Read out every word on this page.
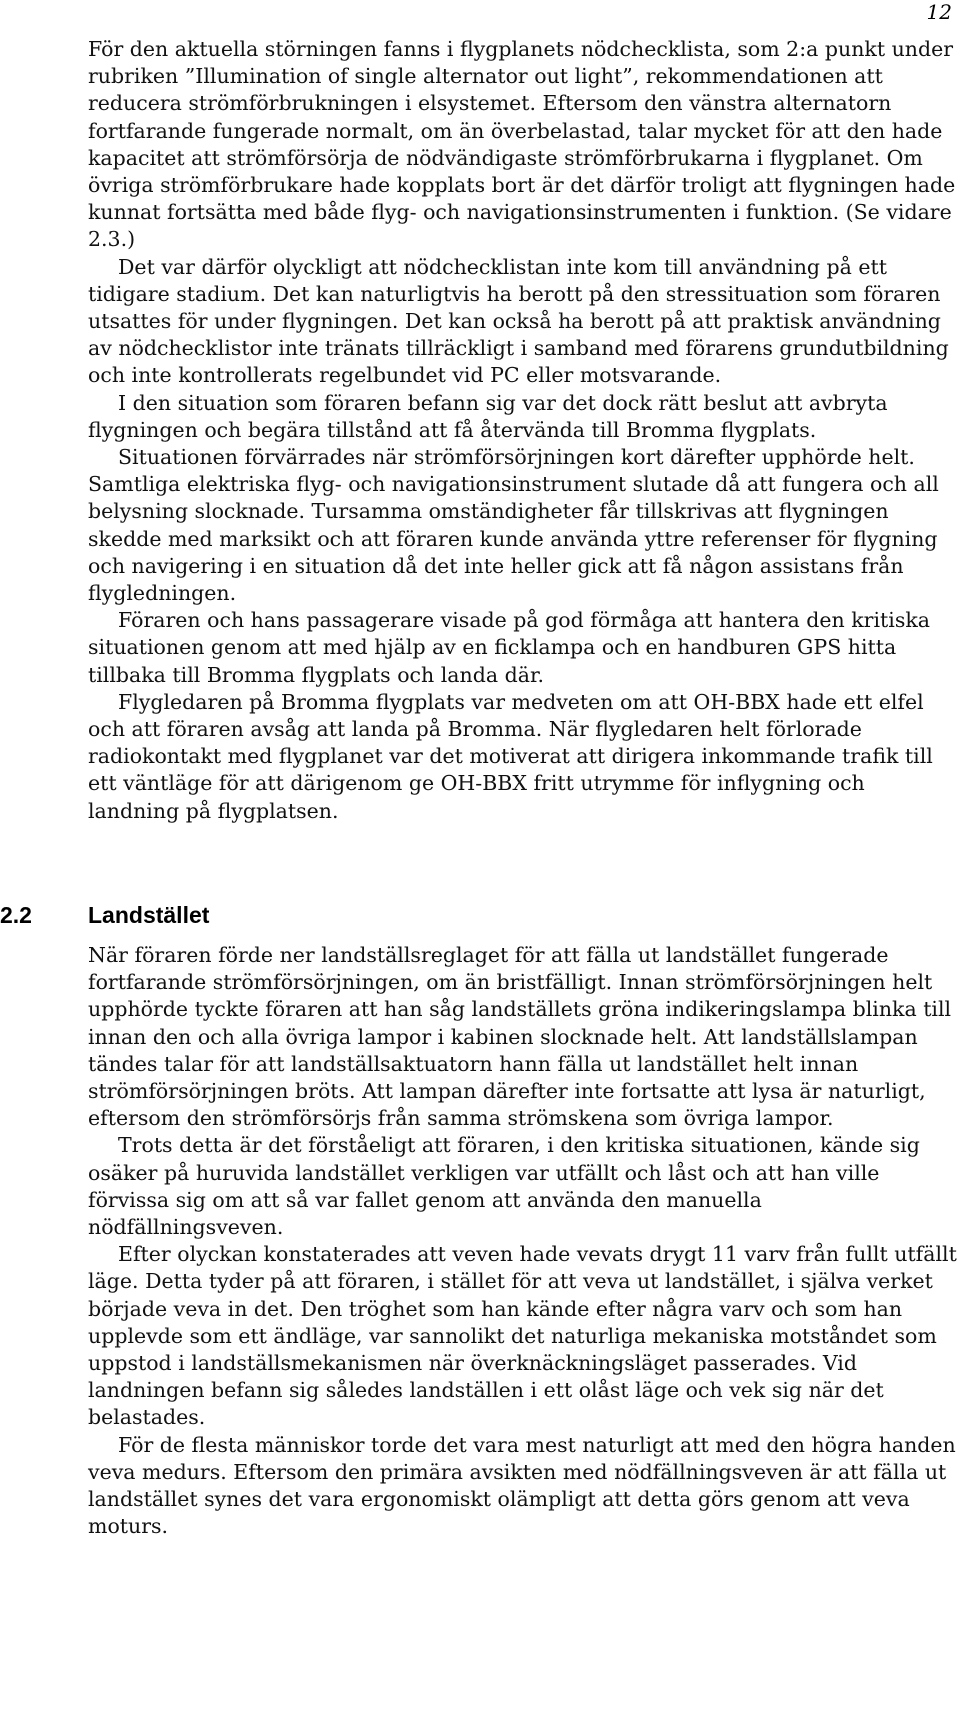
12

För den aktuella störningen fanns i flygplanets nödchecklista, som 2:a punkt under rubriken ”Illumination of single alternator out light”, rekommendationen att reducera strömförbrukningen i elsystemet. Eftersom den vänstra alternatorn fortfarande fungerade normalt, om än överbelastad, talar mycket för att den hade kapacitet att strömförsörja de nödvändigaste strömförbrukarna i flygplanet. Om övriga strömförbrukare hade kopplats bort är det därför troligt att flygningen hade kunnat fortsätta med både flyg- och navigationsinstrumenten i funktion. (Se vidare 2.3.)

Det var därför olyckligt att nödchecklistan inte kom till användning på ett tidigare stadium. Det kan naturligtvis ha berott på den stressituation som föraren utsattes för under flygningen. Det kan också ha berott på att praktisk användning av nödchecklistor inte tränats tillräckligt i samband med förarens grundutbildning och inte kontrollerats regelbundet vid PC eller motsvarande.

I den situation som föraren befann sig var det dock rätt beslut att avbryta flygningen och begära tillstånd att få återvända till Bromma flygplats.

Situationen förvärrades när strömförsörjningen kort därefter upphörde helt. Samtliga elektriska flyg- och navigationsinstrument slutade då att fungera och all belysning slocknade. Tursamma omständigheter får tillskrivas att flygningen skedde med marksikt och att föraren kunde använda yttre referenser för flygning och navigering i en situation då det inte heller gick att få någon assistans från flygledningen.

Föraren och hans passagerare visade på god förmåga att hantera den kritiska situationen genom att med hjälp av en ficklampa och en handburen GPS hitta tillbaka till Bromma flygplats och landa där.

Flygledaren på Bromma flygplats var medveten om att OH-BBX hade ett elfel och att föraren avsåg att landa på Bromma. När flygledaren helt förlorade radiokontakt med flygplanet var det motiverat att dirigera inkommande trafik till ett väntläge för att därigenom ge OH-BBX fritt utrymme för inflygning och landning på flygplatsen.

2.2 Landstället

När föraren förde ner landställsreglaget för att fälla ut landstället fungerade fortfarande strömförsörjningen, om än bristfälligt. Innan strömförsörjningen helt upphörde tyckte föraren att han såg landställets gröna indikeringslampa blinka till innan den och alla övriga lampor i kabinen slocknade helt. Att landställslampan tändes talar för att landställsaktuatorn hann fälla ut landstället helt innan strömförsörjningen bröts. Att lampan därefter inte fortsatte att lysa är naturligt, eftersom den strömförsörjs från samma strömskena som övriga lampor.

Trots detta är det förståeligt att föraren, i den kritiska situationen, kände sig osäker på huruvida landstället verkligen var utfällt och låst och att han ville förvissa sig om att så var fallet genom att använda den manuella nödfällningsveven.

Efter olyckan konstaterades att veven hade vevats drygt 11 varv från fullt utfällt läge. Detta tyder på att föraren, i stället för att veva ut landstället, i själva verket började veva in det. Den tröghet som han kände efter några varv och som han upplevde som ett ändläge, var sannolikt det naturliga mekaniska motståndet som uppstod i landställsmekanismen när överknäckningsläget passerades. Vid landningen befann sig således landställen i ett olåst läge och vek sig när det belastades.

För de flesta människor torde det vara mest naturligt att med den högra handen veva medurs. Eftersom den primära avsikten med nödfällningsveven är att fälla ut landstället synes det vara ergonomiskt olämpligt att detta görs genom att veva moturs.
